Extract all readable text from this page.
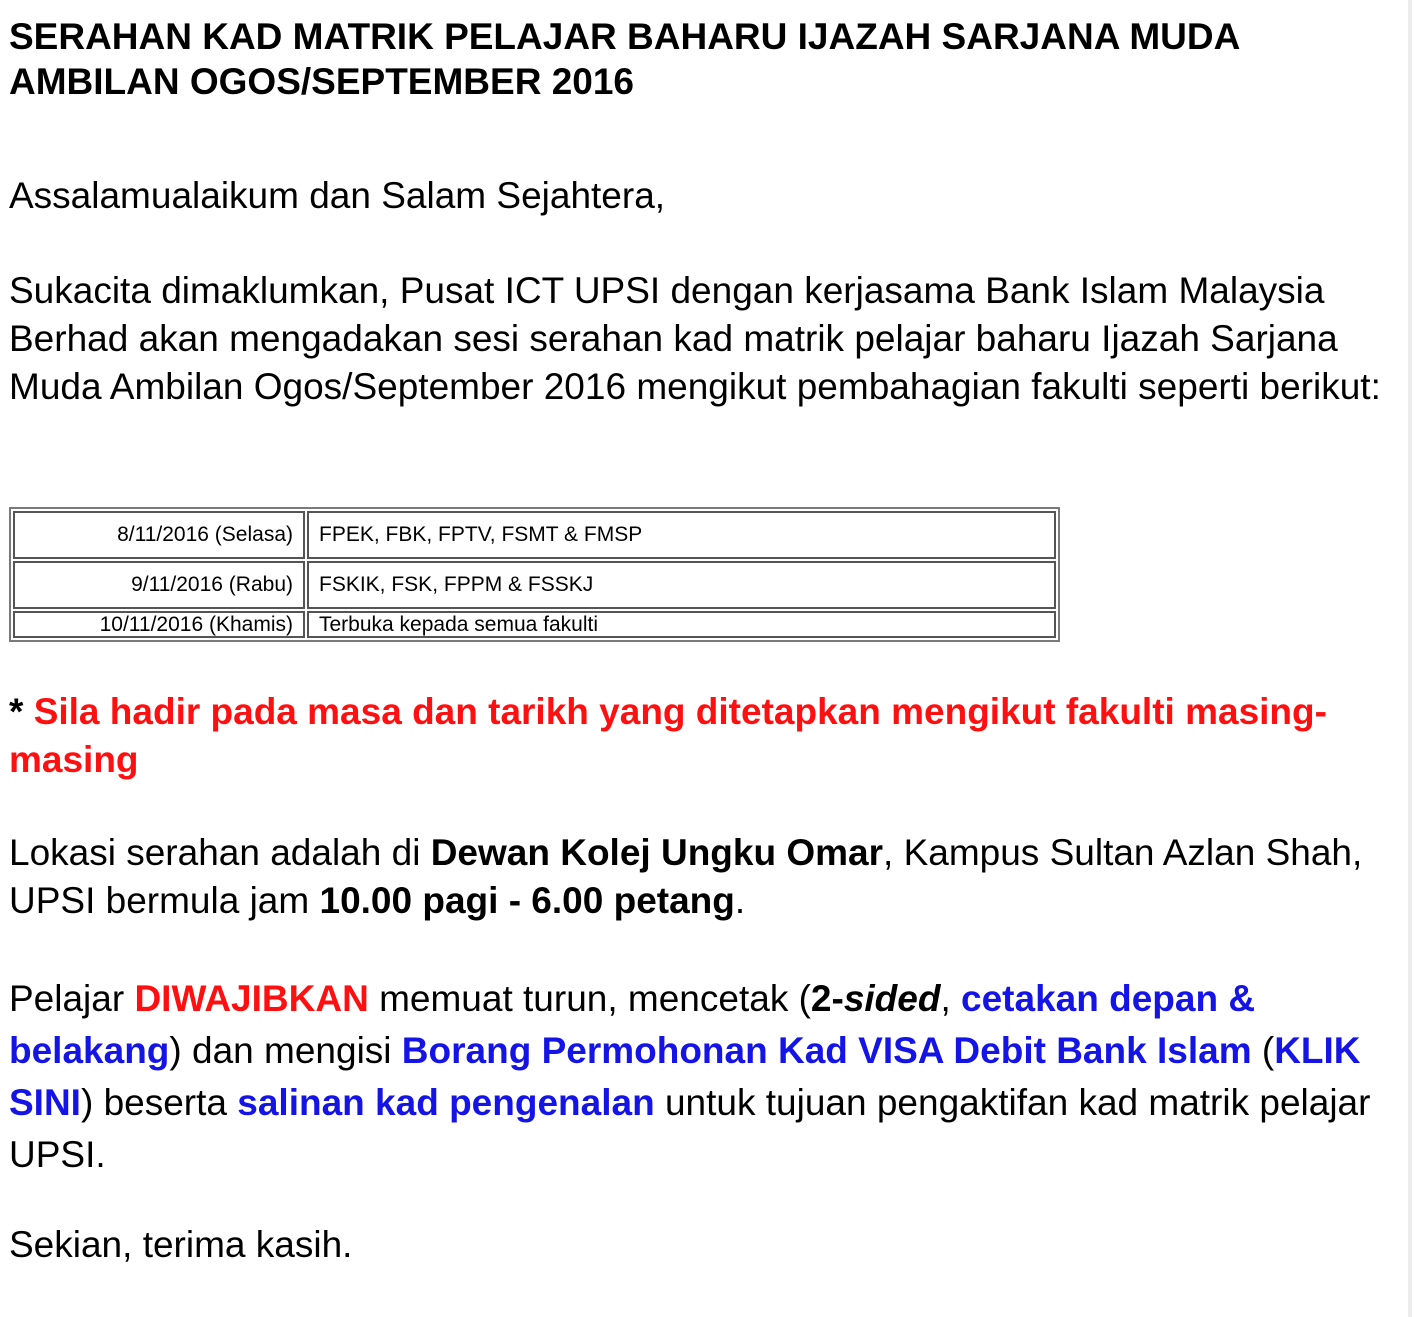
SERAHAN KAD MATRIK PELAJAR BAHARU IJAZAH SARJANA MUDA
AMBILAN OGOS/SEPTEMBER 2016

Assalamualaikum dan Salam Sejahtera,

Sukacita dimaklumkan, Pusat ICT UPSI dengan kerjasama Bank Islam Malaysia Berhad akan mengadakan sesi serahan kad matrik pelajar baharu Ijazah Sarjana Muda Ambilan Ogos/September 2016 mengikut pembahagian fakulti seperti berikut:

8/11/2016 (Selasa)	FPEK, FBK, FPTV, FSMT & FMSP
9/11/2016 (Rabu)	FSKIK, FSK, FPPM & FSSKJ
10/11/2016 (Khamis)	Terbuka kepada semua fakulti

* Sila hadir pada masa dan tarikh yang ditetapkan mengikut fakulti masing-masing

Lokasi serahan adalah di Dewan Kolej Ungku Omar, Kampus Sultan Azlan Shah, UPSI bermula jam 10.00 pagi - 6.00 petang.

Pelajar DIWAJIBKAN memuat turun, mencetak (2-sided, cetakan depan & belakang) dan mengisi Borang Permohonan Kad VISA Debit Bank Islam (KLIK SINI) beserta salinan kad pengenalan untuk tujuan pengaktifan kad matrik pelajar UPSI.

Sekian, terima kasih.
